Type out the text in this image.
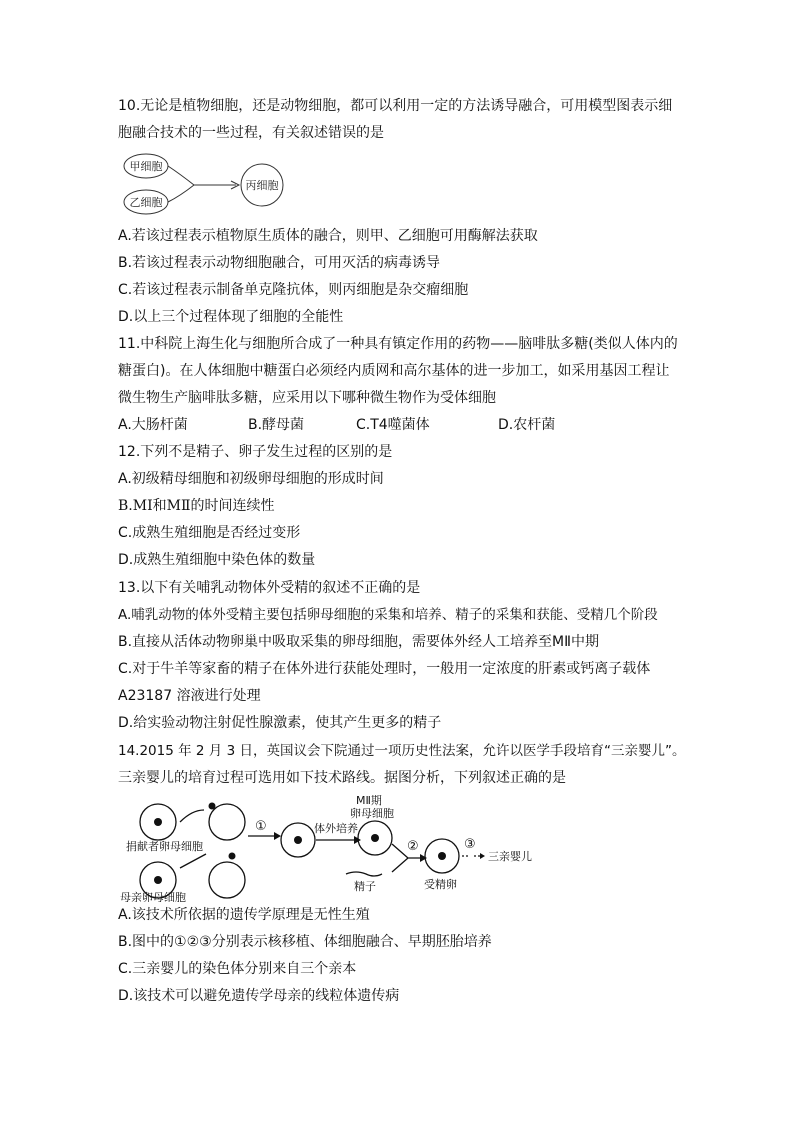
10.无论是植物细胞，还是动物细胞，都可以利用一定的方法诱导融合，可用模型图表示细
胞融合技术的一些过程，有关叙述错误的是
甲细胞
乙细胞
丙细胞
A.若该过程表示植物原生质体的融合，则甲、乙细胞可用酶解法获取
B.若该过程表示动物细胞融合，可用灭活的病毒诱导
C.若该过程表示制备单克隆抗体，则丙细胞是杂交瘤细胞
D.以上三个过程体现了细胞的全能性
11.中科院上海生化与细胞所合成了一种具有镇定作用的药物——脑啡肽多糖(类似人体内的
糖蛋白)。在人体细胞中糖蛋白必须经内质网和高尔基体的进一步加工，如采用基因工程让
微生物生产脑啡肽多糖，应采用以下哪种微生物作为受体细胞
A.大肠杆菌	B.酵母菌	C.T4噬菌体	D.农杆菌
12.下列不是精子、卵子发生过程的区别的是
A.初级精母细胞和初级卵母细胞的形成时间
B.MⅠ和MⅡ的时间连续性
C.成熟生殖细胞是否经过变形
D.成熟生殖细胞中染色体的数量
13.以下有关哺乳动物体外受精的叙述不正确的是
A.哺乳动物的体外受精主要包括卵母细胞的采集和培养、精子的采集和获能、受精几个阶段
B.直接从活体动物卵巢中吸取采集的卵母细胞，需要体外经人工培养至MⅡ中期
C.对于牛羊等家畜的精子在体外进行获能处理时，一般用一定浓度的肝素或钙离子载体
A23187 溶液进行处理
D.给实验动物注射促性腺激素，使其产生更多的精子
14.2015 年 2 月 3 日，英国议会下院通过一项历史性法案，允许以医学手段培育“三亲婴儿”。
三亲婴儿的培育过程可选用如下技术路线。据图分析，下列叙述正确的是
捐献者卵母细胞
母亲卵母细胞
①	体外培养
MⅡ期
卵母细胞
②
精子	受精卵
③
三亲婴儿
A.该技术所依据的遗传学原理是无性生殖
B.图中的①②③分别表示核移植、体细胞融合、早期胚胎培养
C.三亲婴儿的染色体分别来自三个亲本
D.该技术可以避免遗传学母亲的线粒体遗传病
